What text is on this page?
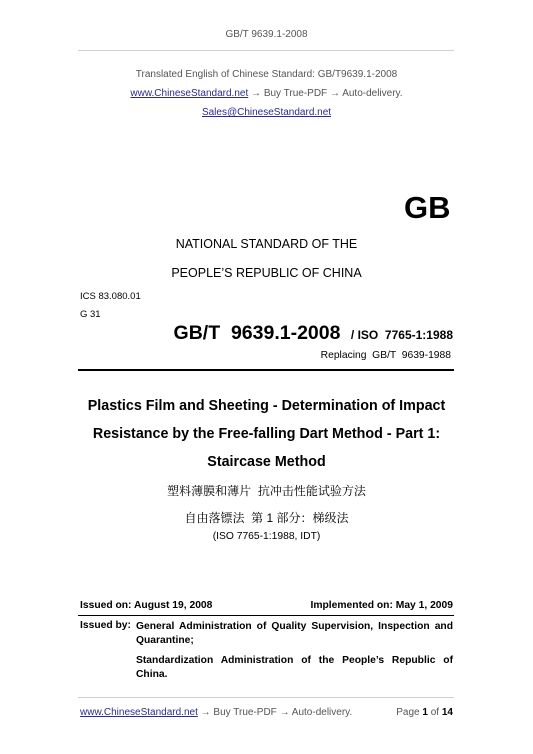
GB/T 9639.1-2008
Translated English of Chinese Standard: GB/T9639.1-2008
www.ChineseStandard.net → Buy True-PDF → Auto-delivery.
Sales@ChineseStandard.net
GB
NATIONAL STANDARD OF THE
PEOPLE’S REPUBLIC OF CHINA
ICS 83.080.01
G 31
GB/T  9639.1-2008 / ISO  7765-1:1988
Replacing  GB/T  9639-1988
Plastics Film and Sheeting - Determination of Impact
Resistance by the Free-falling Dart Method - Part 1:
Staircase Method
塑料薄膜和薄片  抗冲击性能试验方法
自由落镖法  第 1 部分：梯级法
(ISO 7765-1:1988, IDT)
Issued on: August 19, 2008	Implemented on: May 1, 2009
Issued by: General Administration of Quality Supervision, Inspection and Quarantine;
Standardization Administration of the People’s Republic of China.
www.ChineseStandard.net → Buy True-PDF → Auto-delivery.	Page 1 of 14
